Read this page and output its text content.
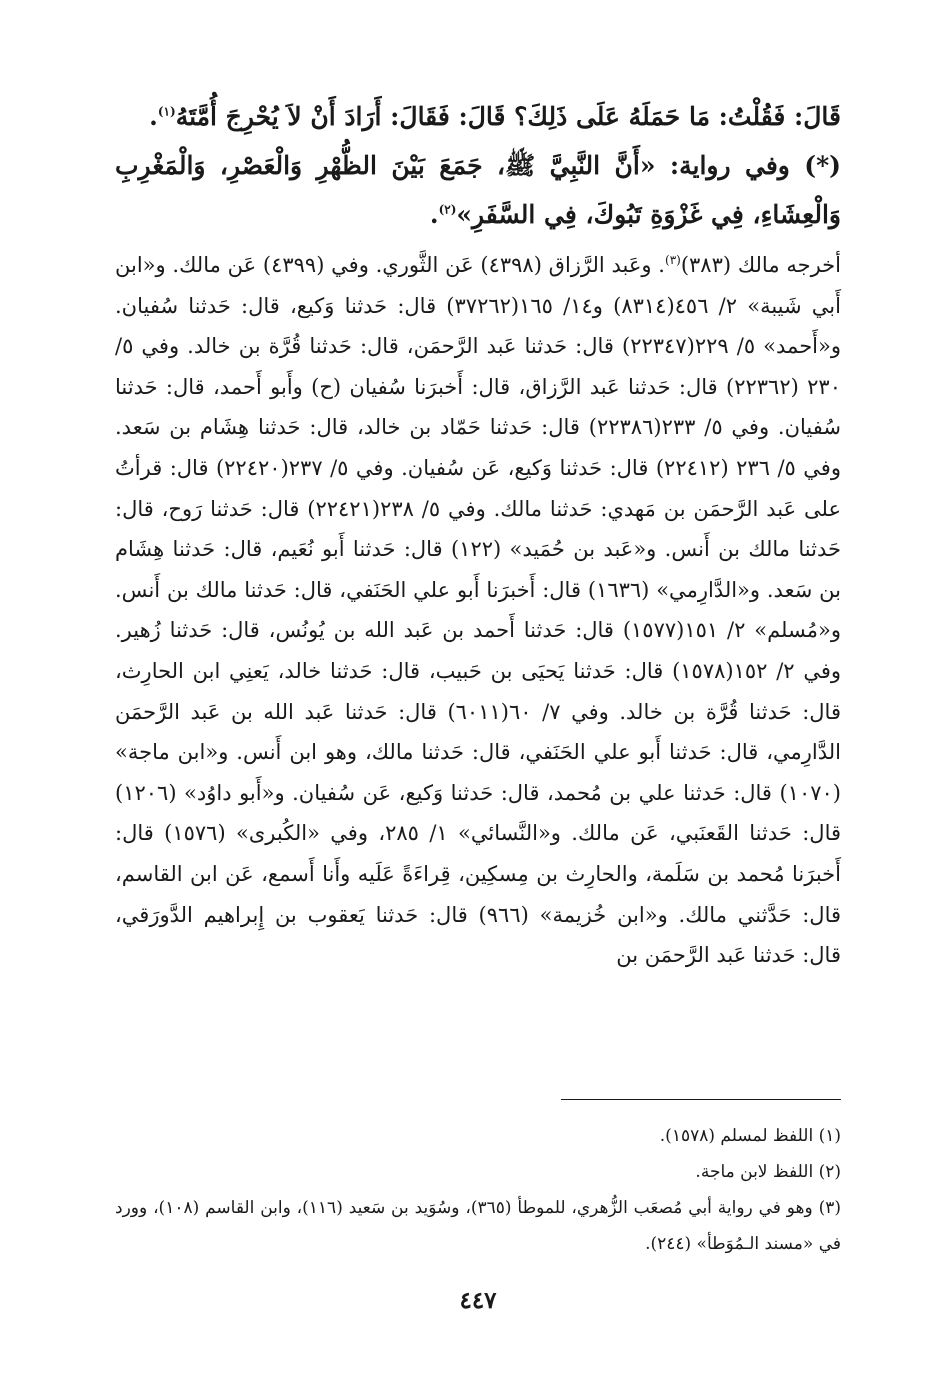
قَالَ: فَقُلْتُ: مَا حَمَلَهُ عَلَى ذَلِكَ؟ قَالَ: فَقَالَ: أَرَادَ أَنْ لاَ يُحْرِجَ أُمَّتَهُ$^{(١)}$.

(*) وفي رواية: «أَنَّ النَّبِيَّ ﷺ، جَمَعَ بَيْنَ الظُّهْرِ وَالْعَصْرِ، وَالْمَغْرِبِ وَالْعِشَاءِ، فِي غَزْوَةِ تَبُوكَ، فِي السَّفَرِ»$^{(٢)}$.

أخرجه مالك (٣٨٣)$^{(٣)}$. وعَبد الرَّزاق (٤٣٩٨) عَن الثَّوري. وفي (٤٣٩٩) عَن مالك. و«ابن أَبي شَيبة» ٢/ ٤٥٦(٨٣١٤) و١٤/ ١٦٥(٣٧٢٦٢) قال: حَدثنا وَكيع، قال: حَدثنا سُفيان. و«أَحمد» ٥/ ٢٢٩(٢٢٣٤٧) قال: حَدثنا عَبد الرَّحمَن، قال: حَدثنا قُرَّة بن خالد. وفي ٥/ ٢٣٠ (٢٢٣٦٢) قال: حَدثنا عَبد الرَّزاق، قال: أَخبرَنا سُفيان (ح) وأَبو أَحمد، قال: حَدثنا سُفيان. وفي ٥/ ٢٣٣(٢٢٣٨٦) قال: حَدثنا حَمّاد بن خالد، قال: حَدثنا هِشَام بن سَعد. وفي ٥/ ٢٣٦ (٢٢٤١٢) قال: حَدثنا وَكيع، عَن سُفيان. وفي ٥/ ٢٣٧(٢٢٤٢٠) قال: قرأتُ على عَبد الرَّحمَن بن مَهدي: حَدثنا مالك. وفي ٥/ ٢٣٨(٢٢٤٢١) قال: حَدثنا رَوح، قال: حَدثنا مالك بن أَنس. و«عَبد بن حُمَيد» (١٢٢) قال: حَدثنا أَبو نُعَيم، قال: حَدثنا هِشَام بن سَعد. و«الدَّارِمي» (١٦٣٦) قال: أَخبرَنا أَبو علي الحَنَفي، قال: حَدثنا مالك بن أَنس. و«مُسلم» ٢/ ١٥١(١٥٧٧) قال: حَدثنا أَحمد بن عَبد الله بن يُونُس، قال: حَدثنا زُهير. وفي ٢/ ١٥٢(١٥٧٨) قال: حَدثنا يَحيَى بن حَبيب، قال: حَدثنا خالد، يَعنِي ابن الحارِث، قال: حَدثنا قُرَّة بن خالد. وفي ٧/ ٦٠(٦٠١١) قال: حَدثنا عَبد الله بن عَبد الرَّحمَن الدَّارِمي، قال: حَدثنا أَبو علي الحَنَفي، قال: حَدثنا مالك، وهو ابن أَنس. و«ابن ماجة» (١٠٧٠) قال: حَدثنا علي بن مُحمد، قال: حَدثنا وَكيع، عَن سُفيان. و«أَبو داوُد» (١٢٠٦) قال: حَدثنا القَعنَبي، عَن مالك. و«النَّسائي» ١/ ٢٨٥، وفي «الكُبرى» (١٥٧٦) قال: أَخبرَنا مُحمد بن سَلَمة، والحارِث بن مِسكِين، قِراءَةً عَلَيه وأَنا أَسمع، عَن ابن القاسم، قال: حَدَّثني مالك. و«ابن خُزيمة» (٩٦٦) قال: حَدثنا يَعقوب بن إِبراهيم الدَّورَقي، قال: حَدثنا عَبد الرَّحمَن بن

(١) اللفظ لمسلم (١٥٧٨).

(٢) اللفظ لابن ماجة.

(٣) وهو في رواية أبي مُصعَب الزُّهري، للموطأ (٣٦٥)، وسُوَيد بن سَعيد (١١٦)، وابن القاسم (١٠٨)، وورد في «مسند الـمُوَطأ» (٢٤٤).

٤٤٧
